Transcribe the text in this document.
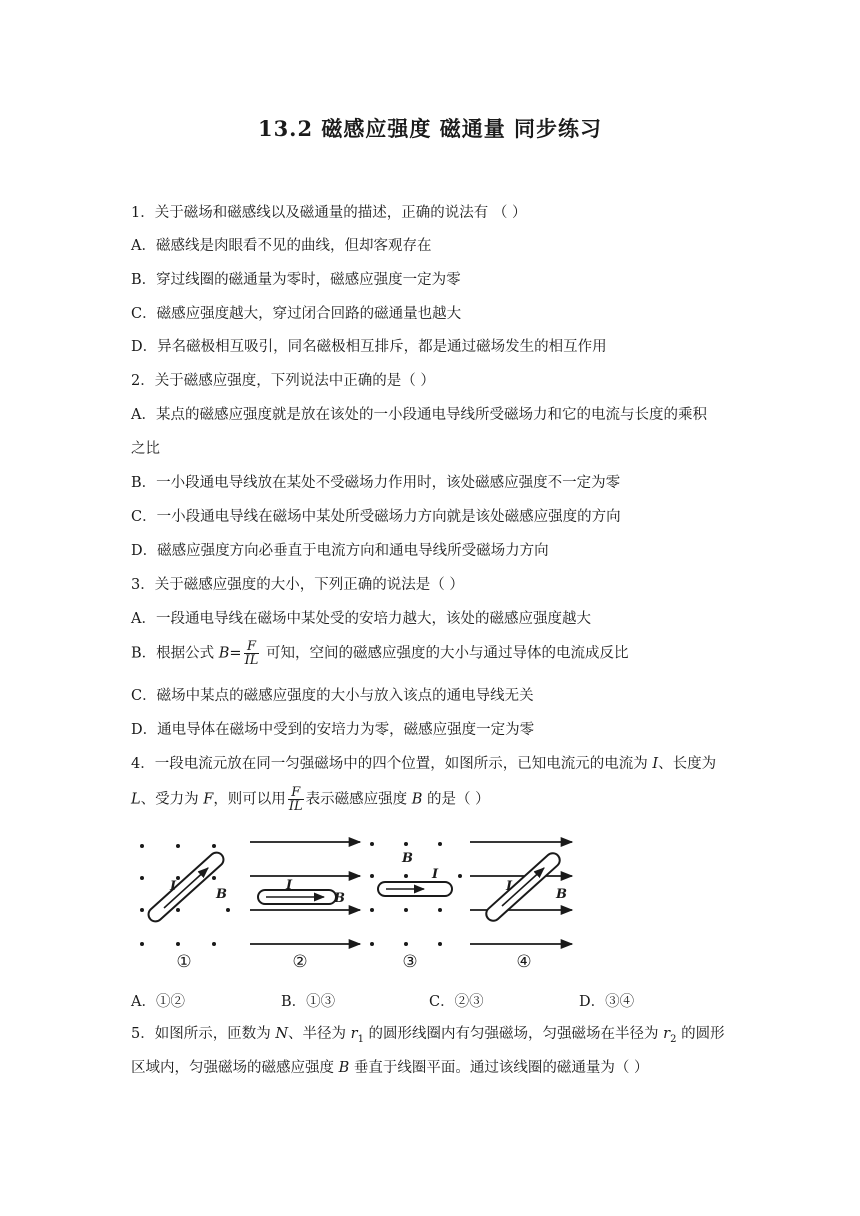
13.2 磁感应强度 磁通量 同步练习
1．关于磁场和磁感线以及磁通量的描述，正确的说法有 （ ）
A．磁感线是肉眼看不见的曲线，但却客观存在
B．穿过线圈的磁通量为零时，磁感应强度一定为零
C．磁感应强度越大，穿过闭合回路的磁通量也越大
D．异名磁极相互吸引，同名磁极相互排斥，都是通过磁场发生的相互作用
2．关于磁感应强度，下列说法中正确的是（ ）
A．某点的磁感应强度就是放在该处的一小段通电导线所受磁场力和它的电流与长度的乘积
之比
B．一小段通电导线放在某处不受磁场力作用时，该处磁感应强度不一定为零
C．一小段通电导线在磁场中某处所受磁场力方向就是该处磁感应强度的方向
D．磁感应强度方向必垂直于电流方向和通电导线所受磁场力方向
3．关于磁感应强度的大小，下列正确的说法是（ ）
A．一段通电导线在磁场中某处受的安培力越大，该处的磁感应强度越大
B．根据公式 $B= \frac{F}{IL}$ 可知，空间的磁感应强度的大小与通过导体的电流成反比
C．磁场中某点的磁感应强度的大小与放入该点的通电导线无关
D．通电导体在磁场中受到的安培力为零，磁感应强度一定为零
4．一段电流元放在同一匀强磁场中的四个位置，如图所示，已知电流元的电流为 I、长度为
L、受力为 F，则可以用 $\frac{F}{IL}$ 表示磁感应强度 B 的是（ ）
I
B
I
B
B
I
I
B
①	②	③	④
A．①②	B．①③	C．②③	D．③④
5．如图所示，匝数为 N、半径为 $r_1$ 的圆形线圈内有匀强磁场，匀强磁场在半径为 $r_2$ 的圆形
区域内，匀强磁场的磁感应强度 B 垂直于线圈平面。通过该线圈的磁通量为（ ）
